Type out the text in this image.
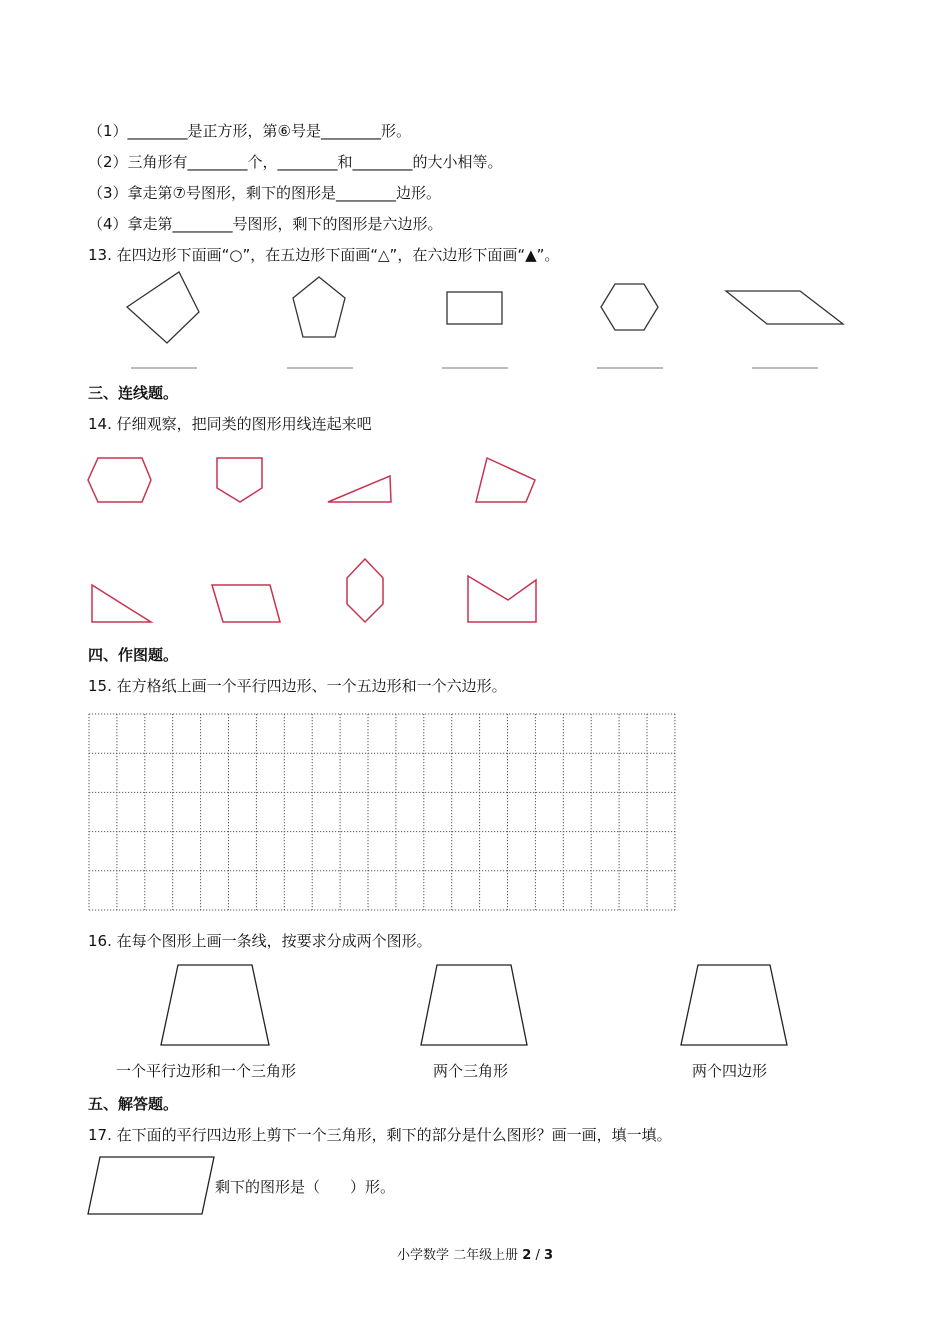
（1）________是正方形，第⑥号是________形。
（2）三角形有________个，________和________的大小相等。
（3）拿走第⑦号图形，剩下的图形是________边形。
（4）拿走第________号图形，剩下的图形是六边形。
13. 在四边形下面画“○”，在五边形下面画“△”，在六边形下面画“▲”。
三、连线题。
14. 仔细观察，把同类的图形用线连起来吧
四、作图题。
15. 在方格纸上画一个平行四边形、一个五边形和一个六边形。
16. 在每个图形上画一条线，按要求分成两个图形。
一个平行边形和一个三角形	两个三角形	两个四边形
五、解答题。
17. 在下面的平行四边形上剪下一个三角形，剩下的部分是什么图形？画一画，填一填。
剩下的图形是（　　）形。
小学数学 二年级上册 2 / 3
